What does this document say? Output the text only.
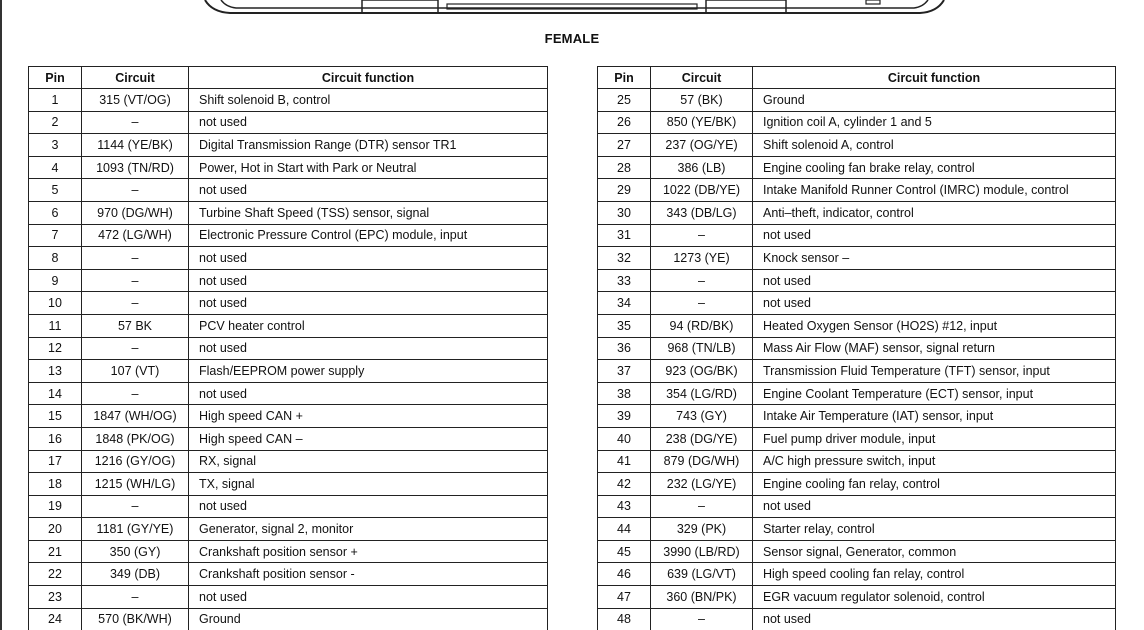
FEMALE
Pin	Circuit	Circuit function
1	315 (VT/OG)	Shift solenoid B, control
2	–	not used
3	1144 (YE/BK)	Digital Transmission Range (DTR) sensor TR1
4	1093 (TN/RD)	Power, Hot in Start with Park or Neutral
5	–	not used
6	970 (DG/WH)	Turbine Shaft Speed (TSS) sensor, signal
7	472 (LG/WH)	Electronic Pressure Control (EPC) module, input
8	–	not used
9	–	not used
10	–	not used
11	57 BK	PCV heater control
12	–	not used
13	107 (VT)	Flash/EEPROM power supply
14	–	not used
15	1847 (WH/OG)	High speed CAN +
16	1848 (PK/OG)	High speed CAN –
17	1216 (GY/OG)	RX, signal
18	1215 (WH/LG)	TX, signal
19	–	not used
20	1181 (GY/YE)	Generator, signal 2, monitor
21	350 (GY)	Crankshaft position sensor +
22	349 (DB)	Crankshaft position sensor -
23	–	not used
24	570 (BK/WH)	Ground
Pin	Circuit	Circuit function
25	57 (BK)	Ground
26	850 (YE/BK)	Ignition coil A, cylinder 1 and 5
27	237 (OG/YE)	Shift solenoid A, control
28	386 (LB)	Engine cooling fan brake relay, control
29	1022 (DB/YE)	Intake Manifold Runner Control (IMRC) module, control
30	343 (DB/LG)	Anti–theft, indicator, control
31	–	not used
32	1273 (YE)	Knock sensor –
33	–	not used
34	–	not used
35	94 (RD/BK)	Heated Oxygen Sensor (HO2S) #12, input
36	968 (TN/LB)	Mass Air Flow (MAF) sensor, signal return
37	923 (OG/BK)	Transmission Fluid Temperature (TFT) sensor, input
38	354 (LG/RD)	Engine Coolant Temperature (ECT) sensor, input
39	743 (GY)	Intake Air Temperature (IAT) sensor, input
40	238 (DG/YE)	Fuel pump driver module, input
41	879 (DG/WH)	A/C high pressure switch, input
42	232 (LG/YE)	Engine cooling fan relay, control
43	–	not used
44	329 (PK)	Starter relay, control
45	3990 (LB/RD)	Sensor signal, Generator, common
46	639 (LG/VT)	High speed cooling fan relay, control
47	360 (BN/PK)	EGR vacuum regulator solenoid, control
48	–	not used
